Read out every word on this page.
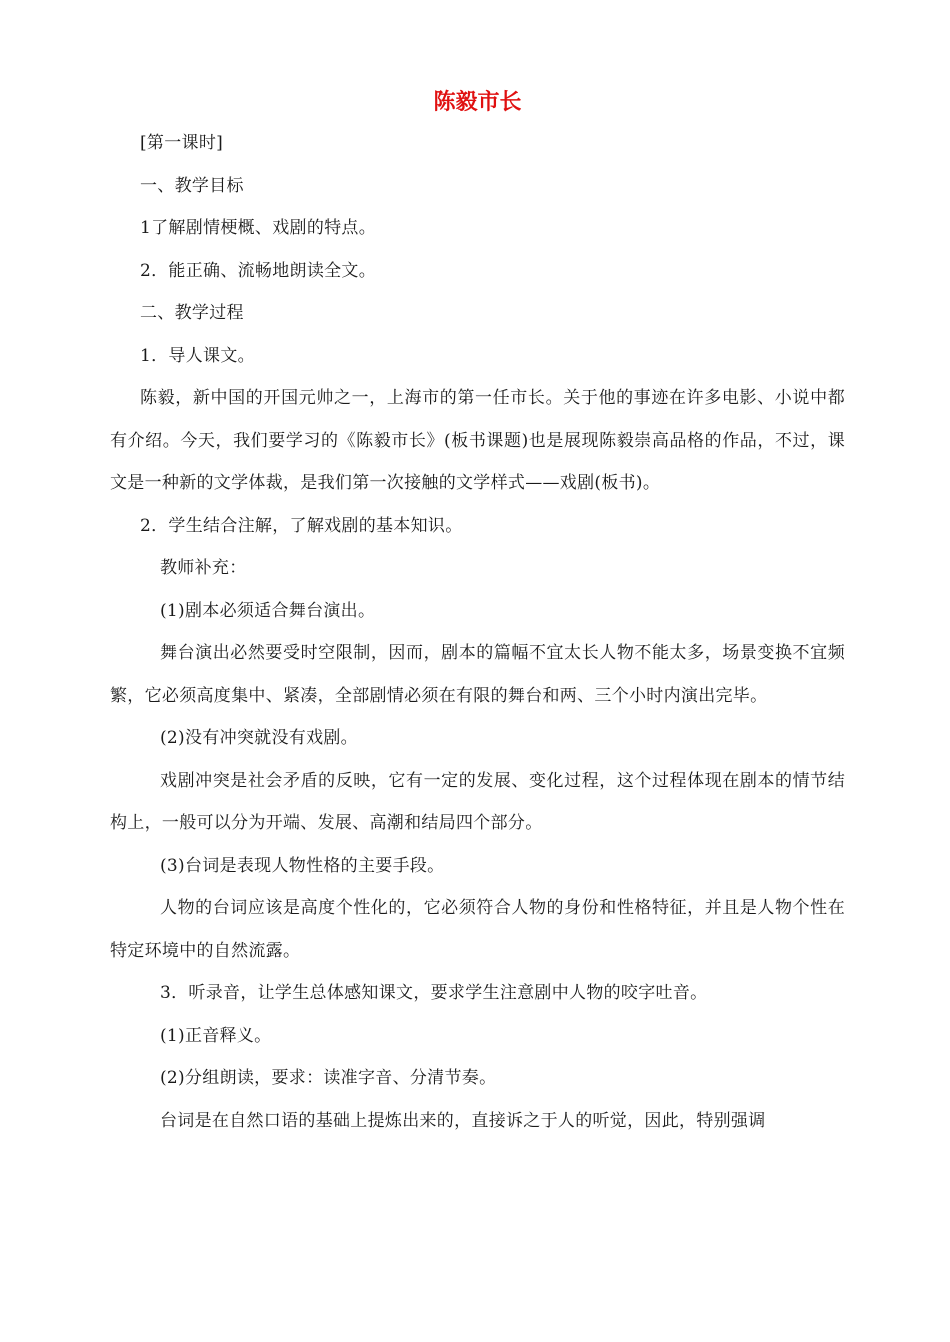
陈毅市长

[第一课时]

一、教学目标

1了解剧情梗概、戏剧的特点。

2．能正确、流畅地朗读全文。

二、教学过程

1．导人课文。

陈毅，新中国的开国元帅之一，上海市的第一任市长。关于他的事迹在许多电影、小说中都有介绍。今天，我们要学习的《陈毅市长》(板书课题)也是展现陈毅崇高品格的作品，不过，课文是一种新的文学体裁，是我们第一次接触的文学样式——戏剧(板书)。

2．学生结合注解，了解戏剧的基本知识。

教师补充：

(1)剧本必须适合舞台演出。

舞台演出必然要受时空限制，因而，剧本的篇幅不宜太长人物不能太多，场景变换不宜频繁，它必须高度集中、紧凑，全部剧情必须在有限的舞台和两、三个小时内演出完毕。

(2)没有冲突就没有戏剧。

戏剧冲突是社会矛盾的反映，它有一定的发展、变化过程，这个过程体现在剧本的情节结构上，一般可以分为开端、发展、高潮和结局四个部分。

(3)台词是表现人物性格的主要手段。

人物的台词应该是高度个性化的，它必须符合人物的身份和性格特征，并且是人物个性在特定环境中的自然流露。

3．听录音，让学生总体感知课文，要求学生注意剧中人物的咬字吐音。

(1)正音释义。

(2)分组朗读，要求：读准字音、分清节奏。

台词是在自然口语的基础上提炼出来的，直接诉之于人的听觉，因此，特别强调
